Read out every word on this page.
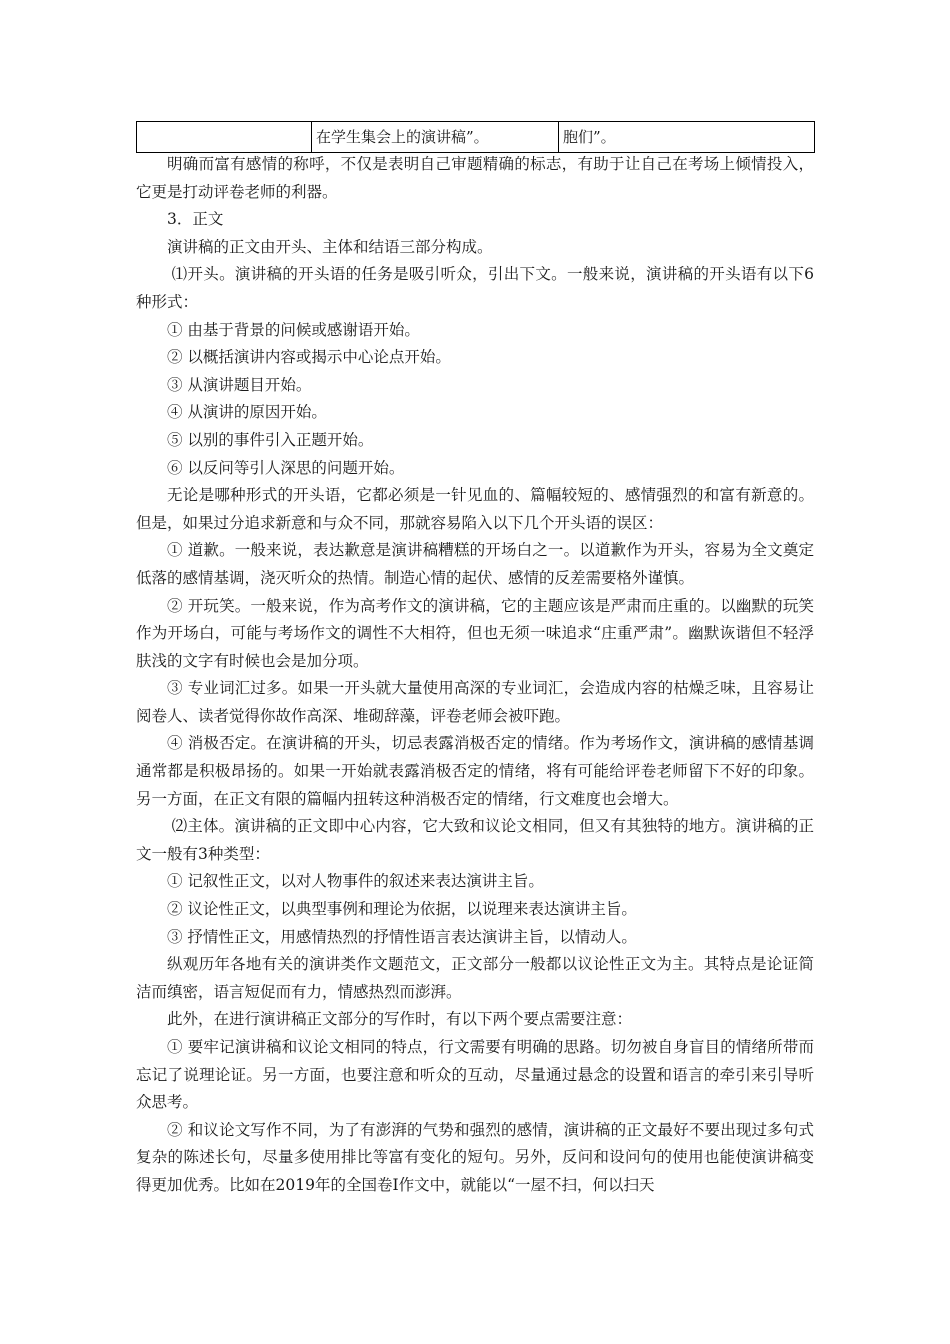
	在学生集会上的演讲稿”。	胞们”。

明确而富有感情的称呼，不仅是表明自己审题精确的标志，有助于让自己在考场上倾情投入，它更是打动评卷老师的利器。

3．正文

演讲稿的正文由开头、主体和结语三部分构成。

⑴开头。演讲稿的开头语的任务是吸引听众，引出下文。一般来说，演讲稿的开头语有以下6种形式：

① 由基于背景的问候或感谢语开始。

② 以概括演讲内容或揭示中心论点开始。

③ 从演讲题目开始。

④ 从演讲的原因开始。

⑤ 以别的事件引入正题开始。

⑥ 以反问等引人深思的问题开始。

无论是哪种形式的开头语，它都必须是一针见血的、篇幅较短的、感情强烈的和富有新意的。但是，如果过分追求新意和与众不同，那就容易陷入以下几个开头语的误区：

① 道歉。一般来说，表达歉意是演讲稿糟糕的开场白之一。以道歉作为开头，容易为全文奠定低落的感情基调，浇灭听众的热情。制造心情的起伏、感情的反差需要格外谨慎。

② 开玩笑。一般来说，作为高考作文的演讲稿，它的主题应该是严肃而庄重的。以幽默的玩笑作为开场白，可能与考场作文的调性不大相符，但也无须一味追求“庄重严肃”。幽默诙谐但不轻浮肤浅的文字有时候也会是加分项。

③ 专业词汇过多。如果一开头就大量使用高深的专业词汇，会造成内容的枯燥乏味，且容易让阅卷人、读者觉得你故作高深、堆砌辞藻，评卷老师会被吓跑。

④ 消极否定。在演讲稿的开头，切忌表露消极否定的情绪。作为考场作文，演讲稿的感情基调通常都是积极昂扬的。如果一开始就表露消极否定的情绪，将有可能给评卷老师留下不好的印象。另一方面，在正文有限的篇幅内扭转这种消极否定的情绪，行文难度也会增大。

⑵主体。演讲稿的正文即中心内容，它大致和议论文相同，但又有其独特的地方。演讲稿的正文一般有3种类型：

① 记叙性正文，以对人物事件的叙述来表达演讲主旨。

② 议论性正文，以典型事例和理论为依据，以说理来表达演讲主旨。

③ 抒情性正文，用感情热烈的抒情性语言表达演讲主旨，以情动人。

纵观历年各地有关的演讲类作文题范文，正文部分一般都以议论性正文为主。其特点是论证简洁而缜密，语言短促而有力，情感热烈而澎湃。

此外，在进行演讲稿正文部分的写作时，有以下两个要点需要注意：

① 要牢记演讲稿和议论文相同的特点，行文需要有明确的思路。切勿被自身盲目的情绪所带而忘记了说理论证。另一方面，也要注意和听众的互动，尽量通过悬念的设置和语言的牵引来引导听众思考。

② 和议论文写作不同，为了有澎湃的气势和强烈的感情，演讲稿的正文最好不要出现过多句式复杂的陈述长句，尽量多使用排比等富有变化的短句。另外，反问和设问句的使用也能使演讲稿变得更加优秀。比如在2019年的全国卷Ⅰ作文中，就能以“一屋不扫，何以扫天
